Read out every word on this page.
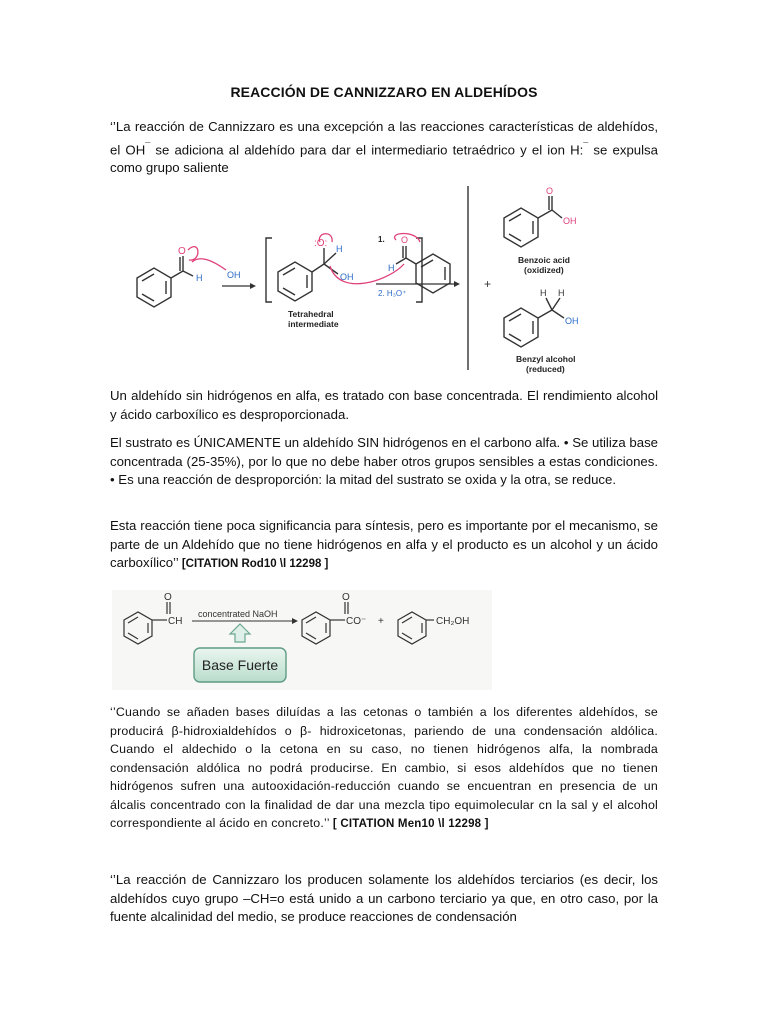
REACCIÓN DE CANNIZZARO EN ALDEHÍDOS
‘’La reacción de Cannizzaro es una excepción a las reacciones características de aldehídos, el OH¯ se adiciona al aldehído para dar el intermediario tetraédrico y el ion H:¯ se expulsa como grupo saliente
O
H	OH
:O: H
OH
Tetrahedral
intermediate
1. O
H
2. H₃O⁺
+
O
OH
Benzoic acid
(oxidized)
H H
OH
Benzyl alcohol
(reduced)
Un aldehído sin hidrógenos en alfa, es tratado con base concentrada. El rendimiento alcohol y ácido carboxílico es desproporcionada.
El sustrato es ÚNICAMENTE un aldehído SIN hidrógenos en el carbono alfa. • Se utiliza base concentrada (25-35%), por lo que no debe haber otros grupos sensibles a estas condiciones. • Es una reacción de desproporción: la mitad del sustrato se oxida y la otra, se reduce.
Esta reacción tiene poca significancia para síntesis, pero es importante por el mecanismo, se parte de un Aldehído que no tiene hidrógenos en alfa y el producto es un alcohol y un ácido carboxílico’’ [CITATION Rod10 \l 12298 ]
O
CH
concentrated NaOH
O
CO⁻ +	CH₂OH
Base Fuerte
‘’Cuando se añaden bases diluídas a las cetonas o también a los diferentes aldehídos, se producirá β-hidroxialdehídos o β- hidroxicetonas, pariendo de una condensación aldólica. Cuando el aldechido o la cetona en su caso, no tienen hidrógenos alfa, la nombrada condensación aldólica no podrá producirse. En cambio, si esos aldehídos que no tienen hidrógenos sufren una autooxidación-reducción cuando se encuentran en presencia de un álcalis concentrado con la finalidad de dar una mezcla tipo equimolecular cn la sal y el alcohol correspondiente al ácido en concreto.’’ [ CITATION Men10 \l 12298 ]
‘’La reacción de Cannizzaro los producen solamente los aldehídos terciarios (es decir, los aldehídos cuyo grupo –CH=o está unido a un carbono terciario ya que, en otro caso, por la fuente alcalinidad del medio, se produce reacciones de condensación
